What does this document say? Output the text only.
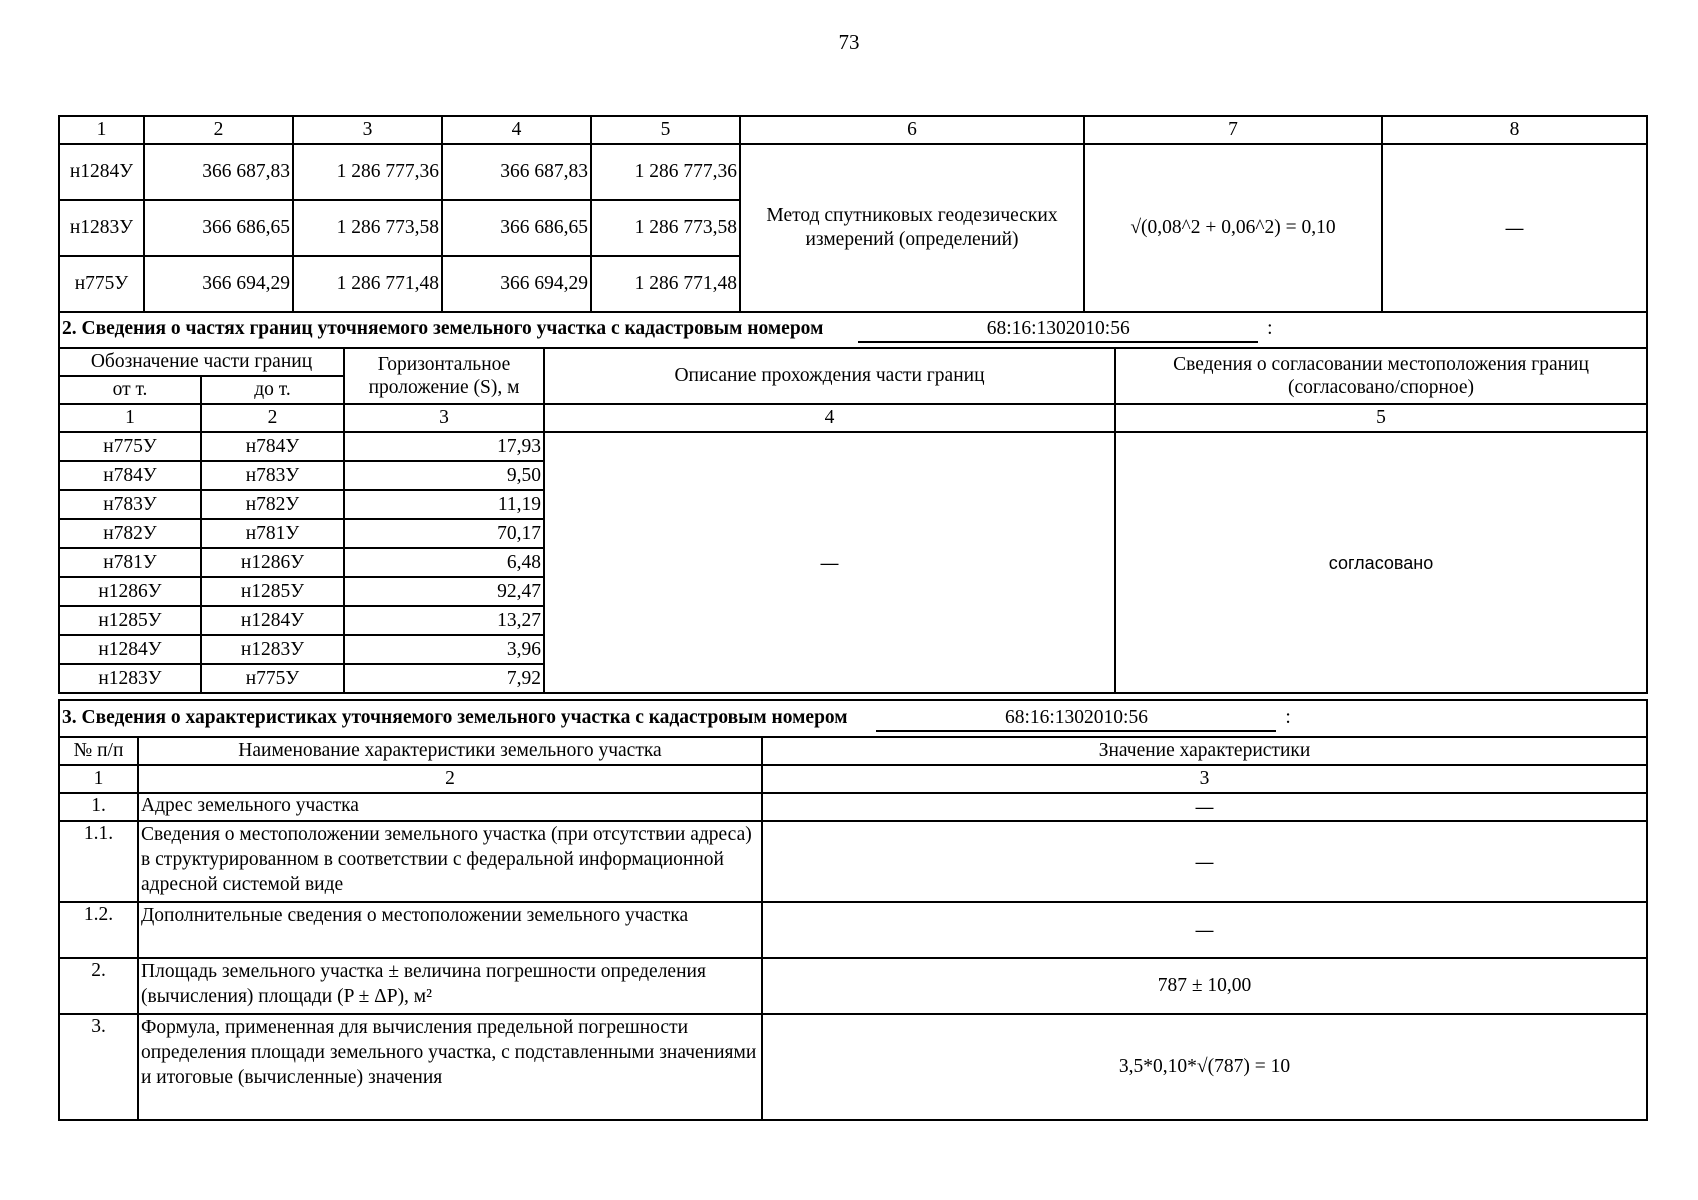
73
1	2	3	4	5	6	7	8
н1284У	366 687,83	1 286 777,36	366 687,83	1 286 777,36	Метод спутниковых геодезических измерений (определений)	√(0,08^2 + 0,06^2) = 0,10	—
н1283У	366 686,65	1 286 773,58	366 686,65	1 286 773,58			
н775У	366 694,29	1 286 771,48	366 694,29	1 286 771,48			
2. Сведения о частях границ уточняемого земельного участка с кадастровым номером 68:16:1302010:56 :				
Обозначение части границ		Горизонтальное проложение (S), м	Описание прохождения части границ	Сведения о согласовании местоположения границ (согласовано/спорное)
от т.	до т.			
1	2	3	4	5
н775У	н784У	17,93	—	согласовано
н784У	н783У	9,50		
н783У	н782У	11,19		
н782У	н781У	70,17		
н781У	н1286У	6,48		
н1286У	н1285У	92,47		
н1285У	н1284У	13,27		
н1284У	н1283У	3,96		
н1283У	н775У	7,92		
3. Сведения о характеристиках уточняемого земельного участка с кадастровым номером 68:16:1302010:56 :		
№ п/п	Наименование характеристики земельного участка	Значение характеристики
1	2	3
1.	Адрес земельного участка	—
1.1.	Сведения о местоположении земельного участка (при отсутствии адреса) в структурированном в соответствии с федеральной информационной адресной системой виде	—
1.2.	Дополнительные сведения о местоположении земельного участка	—
2.	Площадь земельного участка ± величина погрешности определения (вычисления) площади (P ± ΔP), м²	787 ± 10,00
3.	Формула, примененная для вычисления предельной погрешности определения площади земельного участка, с подставленными значениями и итоговые (вычисленные) значения	3,5*0,10*√(787) = 10
